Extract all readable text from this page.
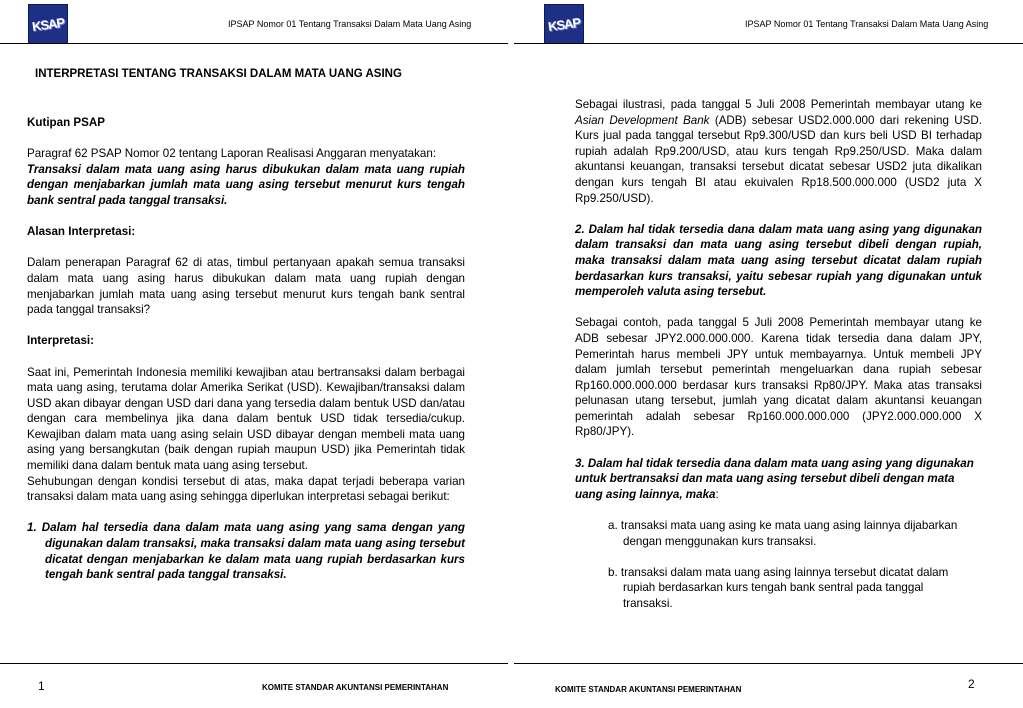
KSAP	IPSAP Nomor 01 Tentang Transaksi Dalam Mata Uang Asing
INTERPRETASI TENTANG TRANSAKSI DALAM MATA UANG ASING

Kutipan PSAP

Paragraf 62 PSAP Nomor 02 tentang Laporan Realisasi Anggaran menyatakan:

Transaksi dalam mata uang asing harus dibukukan dalam mata uang rupiah dengan menjabarkan jumlah mata uang asing tersebut menurut kurs tengah bank sentral pada tanggal transaksi.

Alasan Interpretasi:

Dalam penerapan Paragraf 62 di atas, timbul pertanyaan apakah semua transaksi dalam mata uang asing harus dibukukan dalam mata uang rupiah dengan menjabarkan jumlah mata uang asing tersebut menurut kurs tengah bank sentral pada tanggal transaksi?

Interpretasi:

Saat ini, Pemerintah Indonesia memiliki kewajiban atau bertransaksi dalam berbagai mata uang asing, terutama dolar Amerika Serikat (USD). Kewajiban/transaksi dalam USD akan dibayar dengan USD dari dana yang tersedia dalam bentuk USD dan/atau dengan cara membelinya jika dana dalam bentuk USD tidak tersedia/cukup. Kewajiban dalam mata uang asing selain USD dibayar dengan membeli mata uang asing yang bersangkutan (baik dengan rupiah maupun USD) jika Pemerintah tidak memiliki dana dalam bentuk mata uang asing tersebut.

Sehubungan dengan kondisi tersebut di atas, maka dapat terjadi beberapa varian transaksi dalam mata uang asing sehingga diperlukan interpretasi sebagai berikut:

1. Dalam hal tersedia dana dalam mata uang asing yang sama dengan yang digunakan dalam transaksi, maka transaksi dalam mata uang asing tersebut dicatat dengan menjabarkan ke dalam mata uang rupiah berdasarkan kurs tengah bank sentral pada tanggal transaksi.

1	KOMITE STANDAR AKUNTANSI PEMERINTAHAN
KSAP	IPSAP Nomor 01 Tentang Transaksi Dalam Mata Uang Asing
2
KOMITE STANDAR AKUNTANSI PEMERINTAHAN

Sebagai ilustrasi, pada tanggal 5 Juli 2008 Pemerintah membayar utang ke Asian Development Bank (ADB) sebesar USD2.000.000 dari rekening USD. Kurs jual pada tanggal tersebut Rp9.300/USD dan kurs beli USD BI terhadap rupiah adalah Rp9.200/USD, atau kurs tengah Rp9.250/USD. Maka dalam akuntansi keuangan, transaksi tersebut dicatat sebesar USD2 juta dikalikan dengan kurs tengah BI atau ekuivalen Rp18.500.000.000 (USD2 juta X Rp9.250/USD).

2. Dalam hal tidak tersedia dana dalam mata uang asing yang digunakan dalam transaksi dan mata uang asing tersebut dibeli dengan rupiah, maka transaksi dalam mata uang asing tersebut dicatat dalam rupiah berdasarkan kurs transaksi, yaitu sebesar rupiah yang digunakan untuk memperoleh valuta asing tersebut.

Sebagai contoh, pada tanggal 5 Juli 2008 Pemerintah membayar utang ke ADB sebesar JPY2.000.000.000. Karena tidak tersedia dana dalam JPY, Pemerintah harus membeli JPY untuk membayarnya. Untuk membeli JPY dalam jumlah tersebut pemerintah mengeluarkan dana rupiah sebesar Rp160.000.000.000 berdasar kurs transaksi Rp80/JPY. Maka atas transaksi pelunasan utang tersebut, jumlah yang dicatat dalam akuntansi keuangan pemerintah adalah sebesar Rp160.000.000.000 (JPY2.000.000.000 X Rp80/JPY).

3. Dalam hal tidak tersedia dana dalam mata uang asing yang digunakan untuk bertransaksi dan mata uang asing tersebut dibeli dengan mata uang asing lainnya, maka:

a. transaksi mata uang asing ke mata uang asing lainnya dijabarkan dengan menggunakan kurs transaksi.

b. transaksi dalam mata uang asing lainnya tersebut dicatat dalam rupiah berdasarkan kurs tengah bank sentral pada tanggal transaksi.
